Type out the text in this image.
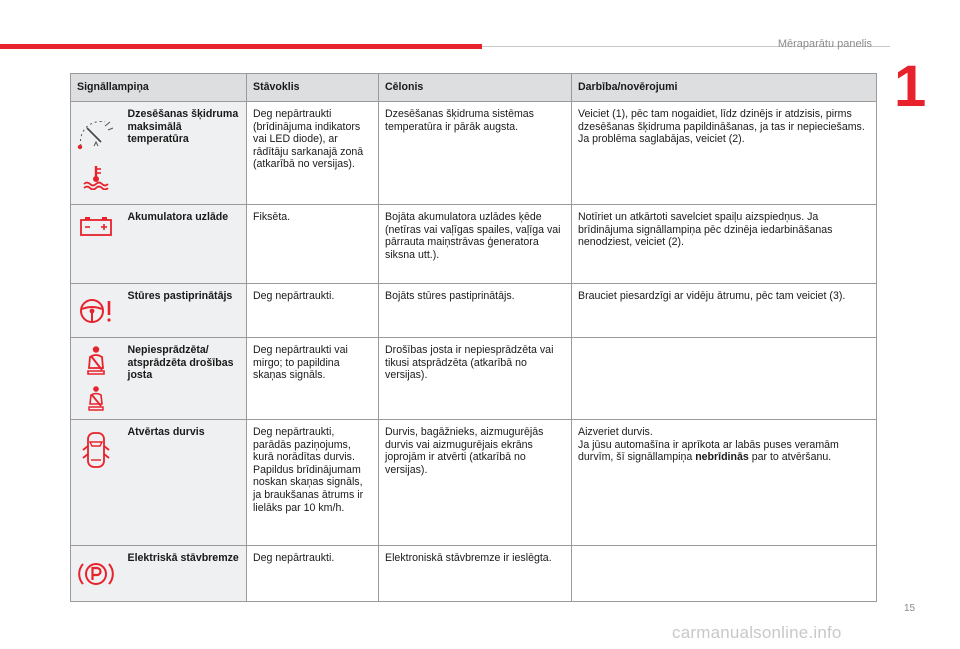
Mēraparātu panelis
1
Signāllampiņa		Stāvoklis	Cēlonis	Darbība/novērojumi

	Dzesēšanas šķidruma maksimālā temperatūra	Deg nepārtraukti (brīdinājuma indikators vai LED diode), ar rādītāju sarkanajā zonā (atkarībā no versijas).	Dzesēšanas šķidruma sistēmas temperatūra ir pārāk augsta.	Veiciet (1), pēc tam nogaidiet, līdz dzinējs ir atdzisis, pirms dzesēšanas šķidruma papildināšanas, ja tas ir nepieciešams. Ja problēma saglabājas, veiciet (2).

	Akumulatora uzlāde	Fiksēta.	Bojāta akumulatora uzlādes ķēde (netīras vai vaļīgas spailes, vaļīga vai pārrauta maiņstrāvas ģeneratora siksna utt.).	Notīriet un atkārtoti savelciet spaiļu aizspiedņus. Ja brīdinājuma signāllampiņa pēc dzinēja iedarbināšanas nenodziest, veiciet (2).

	Stūres pastiprinātājs	Deg nepārtraukti.	Bojāts stūres pastiprinātājs.	Brauciet piesardzīgi ar vidēju ātrumu, pēc tam veiciet (3).

	Nepiesprādzēta/ atsprādzēta drošības josta	Deg nepārtraukti vai mirgo; to papildina skaņas signāls.	Drošības josta ir nepiesprādzēta vai tikusi atsprādzēta (atkarībā no versijas).	

	Atvērtas durvis	Deg nepārtraukti, parādās paziņojums, kurā norādītas durvis. Papildus brīdinājumam noskan skaņas signāls, ja braukšanas ātrums ir lielāks par 10 km/h.	Durvis, bagāžnieks, aizmugurējās durvis vai aizmugurējais ekrāns joprojām ir atvērti (atkarībā no versijas).	Aizveriet durvis.
Ja jūsu automašīna ir aprīkota ar labās puses veramām durvīm, šī signāllampiņa nebrīdinās par to atvēršanu.

	Elektriskā stāvbremze	Deg nepārtraukti.	Elektroniskā stāvbremze ir ieslēgta.	
15
carmanualsonline.info
